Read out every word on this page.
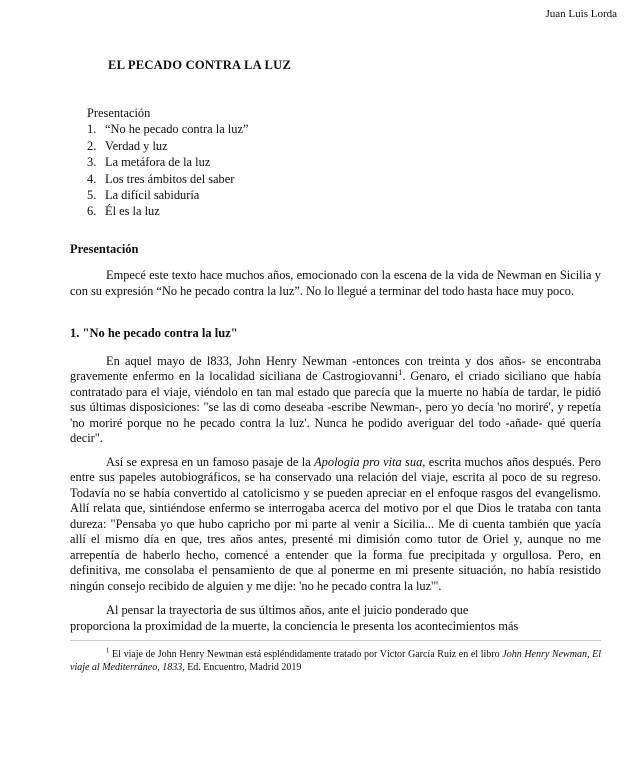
Juan Luis Lorda
EL PECADO CONTRA LA LUZ
Presentación
1. “No he pecado contra la luz”
2. Verdad y luz
3. La metáfora de la luz
4. Los tres ámbitos del saber
5. La difícil sabiduría
6. Él es la luz
Presentación

Empecé este texto hace muchos años, emocionado con la escena de la vida de Newman en Sicilia y con su expresión “No he pecado contra la luz”. No lo llegué a terminar del todo hasta hace muy poco.

1. "No he pecado contra la luz"

En aquel mayo de l833, John Henry Newman -entonces con treinta y dos años- se encontraba gravemente enfermo en la localidad siciliana de Castrogiovanni$^1$. Genaro, el criado siciliano que había contratado para el viaje, viéndolo en tan mal estado que parecía que la muerte no había de tardar, le pidió sus últimas disposiciones: "se las di como deseaba -escribe Newman-, pero yo decía 'no moriré', y repetía 'no moriré porque no he pecado contra la luz'. Nunca he podido averiguar del todo -añade- qué quería decir".

Así se expresa en un famoso pasaje de la Apologia pro vita sua, escrita muchos años después. Pero entre sus papeles autobiográficos, se ha conservado una relación del viaje, escrita al poco de su regreso. Todavía no se había convertido al catolicismo y se pueden apreciar en el enfoque rasgos del evangelismo. Allí relata que, sintiéndose enfermo se interrogaba acerca del motivo por el que Dios le trataba con tanta dureza: "Pensaba yo que hubo capricho por mi parte al venir a Sicilia... Me di cuenta también que yacía allí el mismo día en que, tres años antes, presenté mi dimisión como tutor de Oriel y, aunque no me arrepentía de haberlo hecho, comencé a entender que la forma fue precipitada y orgullosa. Pero, en definitiva, me consolaba el pensamiento de que al ponerme en mi presente situación, no había resistido ningún consejo recibido de alguien y me dije: 'no he pecado contra la luz'".

Al pensar la trayectoria de sus últimos años, ante el juicio ponderado que
proporciona la proximidad de la muerte, la conciencia le presenta los acontecimientos más

$^1$ El viaje de John Henry Newman está espléndidamente tratado por Víctor García Ruiz en el libro John Henry Newman, El viaje al Mediterráneo, 1833, Ed. Encuentro, Madrid 2019
